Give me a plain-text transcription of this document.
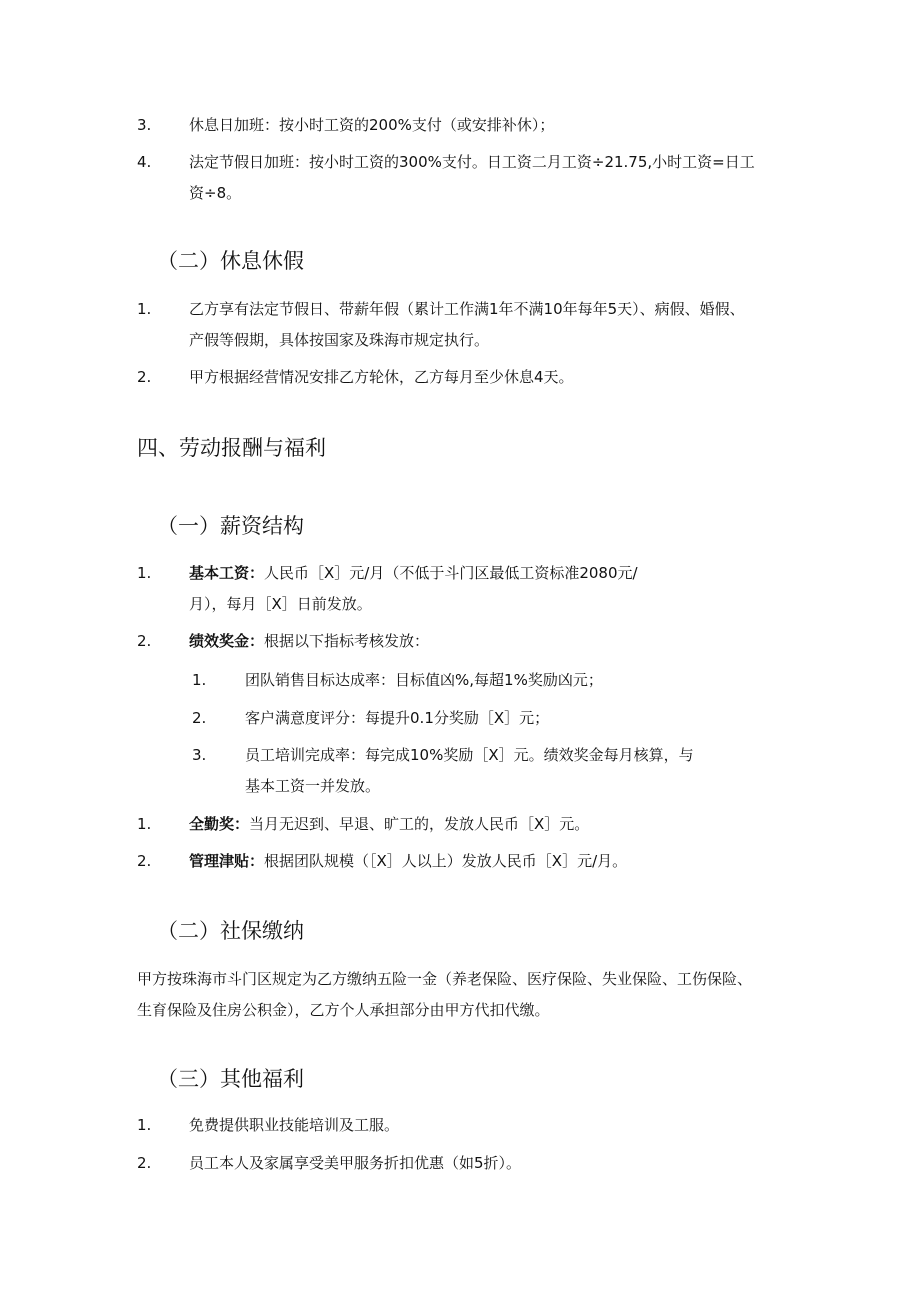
3.	休息日加班：按小时工资的200%支付（或安排补休）；
4.	法定节假日加班：按小时工资的300%支付。日工资二月工资÷21.75,小时工资=日工
资÷8。
（二）休息休假
1.	乙方享有法定节假日、带薪年假（累计工作满1年不满10年每年5天）、病假、婚假、
产假等假期，具体按国家及珠海市规定执行。
2.	甲方根据经营情况安排乙方轮休，乙方每月至少休息4天。
四、劳动报酬与福利
（一）薪资结构
1.	基本工资：人民币［X］元/月（不低于斗门区最低工资标准2080元/
月），每月［X］日前发放。
2.	绩效奖金：根据以下指标考核发放：
1.	团队销售目标达成率：目标值凶%,每超1%奖励凶元；
2.	客户满意度评分：每提升0.1分奖励［X］元；
3.	员工培训完成率：每完成10%奖励［X］元。绩效奖金每月核算，与
基本工资一并发放。
1.	全勤奖：当月无迟到、早退、旷工的，发放人民币［X］元。
2.	管理津贴：根据团队规模（［X］人以上）发放人民币［X］元/月。
（二）社保缴纳
甲方按珠海市斗门区规定为乙方缴纳五险一金（养老保险、医疗保险、失业保险、工伤保险、
生育保险及住房公积金），乙方个人承担部分由甲方代扣代缴。
（三）其他福利
1.	免费提供职业技能培训及工服。
2.	员工本人及家属享受美甲服务折扣优惠（如5折）。
